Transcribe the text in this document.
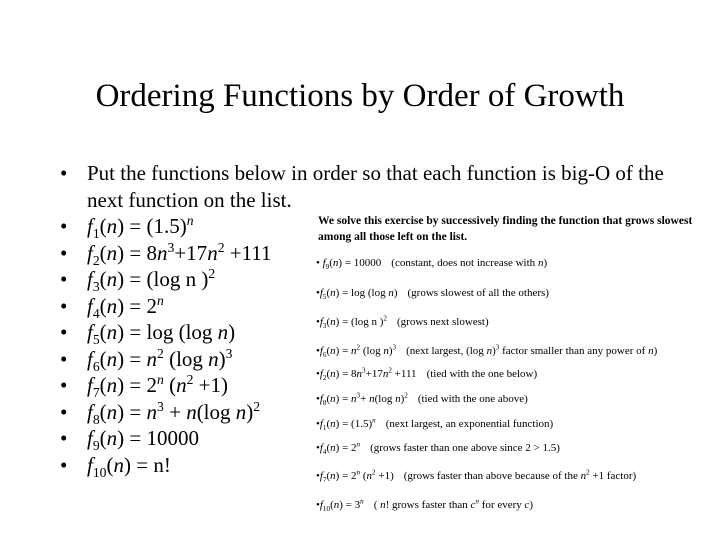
Ordering Functions by Order of Growth
• Put the functions below in order so that each function is big-O of the next function on the list.
• $f_1(n) = (1.5)^n$
• $f_2(n) = 8n^3+17n^2 +111$
• $f_3(n) = (\log$ n )$^2$
• $f_4(n) = 2^n$
• $f_5(n) = \log (\log$ n)
• $f_6(n) = n^2$ (log n)$^3$
• $f_7(n) = 2^n$ $(n^2 +1)$
• $f_8(n) = n^3 + n(\log$ n)$^2$
• $f_9(n) = 10000$
• $f_{10}(n) = n$!
We solve this exercise by successively finding the function that grows slowest among all those left on the list.
• $f_9(n) = 10000$ (constant, does not increase with n)
$•f_5(n) = \log (\log$ n) (grows slowest of all the others)
$•f_3(n) = (\log$ n )$^2$ (grows next slowest)
$•f_6(n) = n^2$ (log n)$^3$ (next largest, (log n)$^3$ factor smaller than any power of n)
$•f_2(n) = 8n^3+17n^2 +111$ (tied with the one below)
$•f_8(n) = n^3+ n(\log$ n)$^2$ (tied with the one above)
$•f_1(n) = (1.5)^n$ (next largest, an exponential function)
$•f_4(n) = 2^n$ (grows faster than one above since 2 > 1.5)
$•f_7(n) = 2^n$ $(n^2 +1)$ (grows faster than above because of the $n^2 +1$ factor)
$•f_{10}(n) = 3^n$ ( n! grows faster than $c^n$ for every c)
